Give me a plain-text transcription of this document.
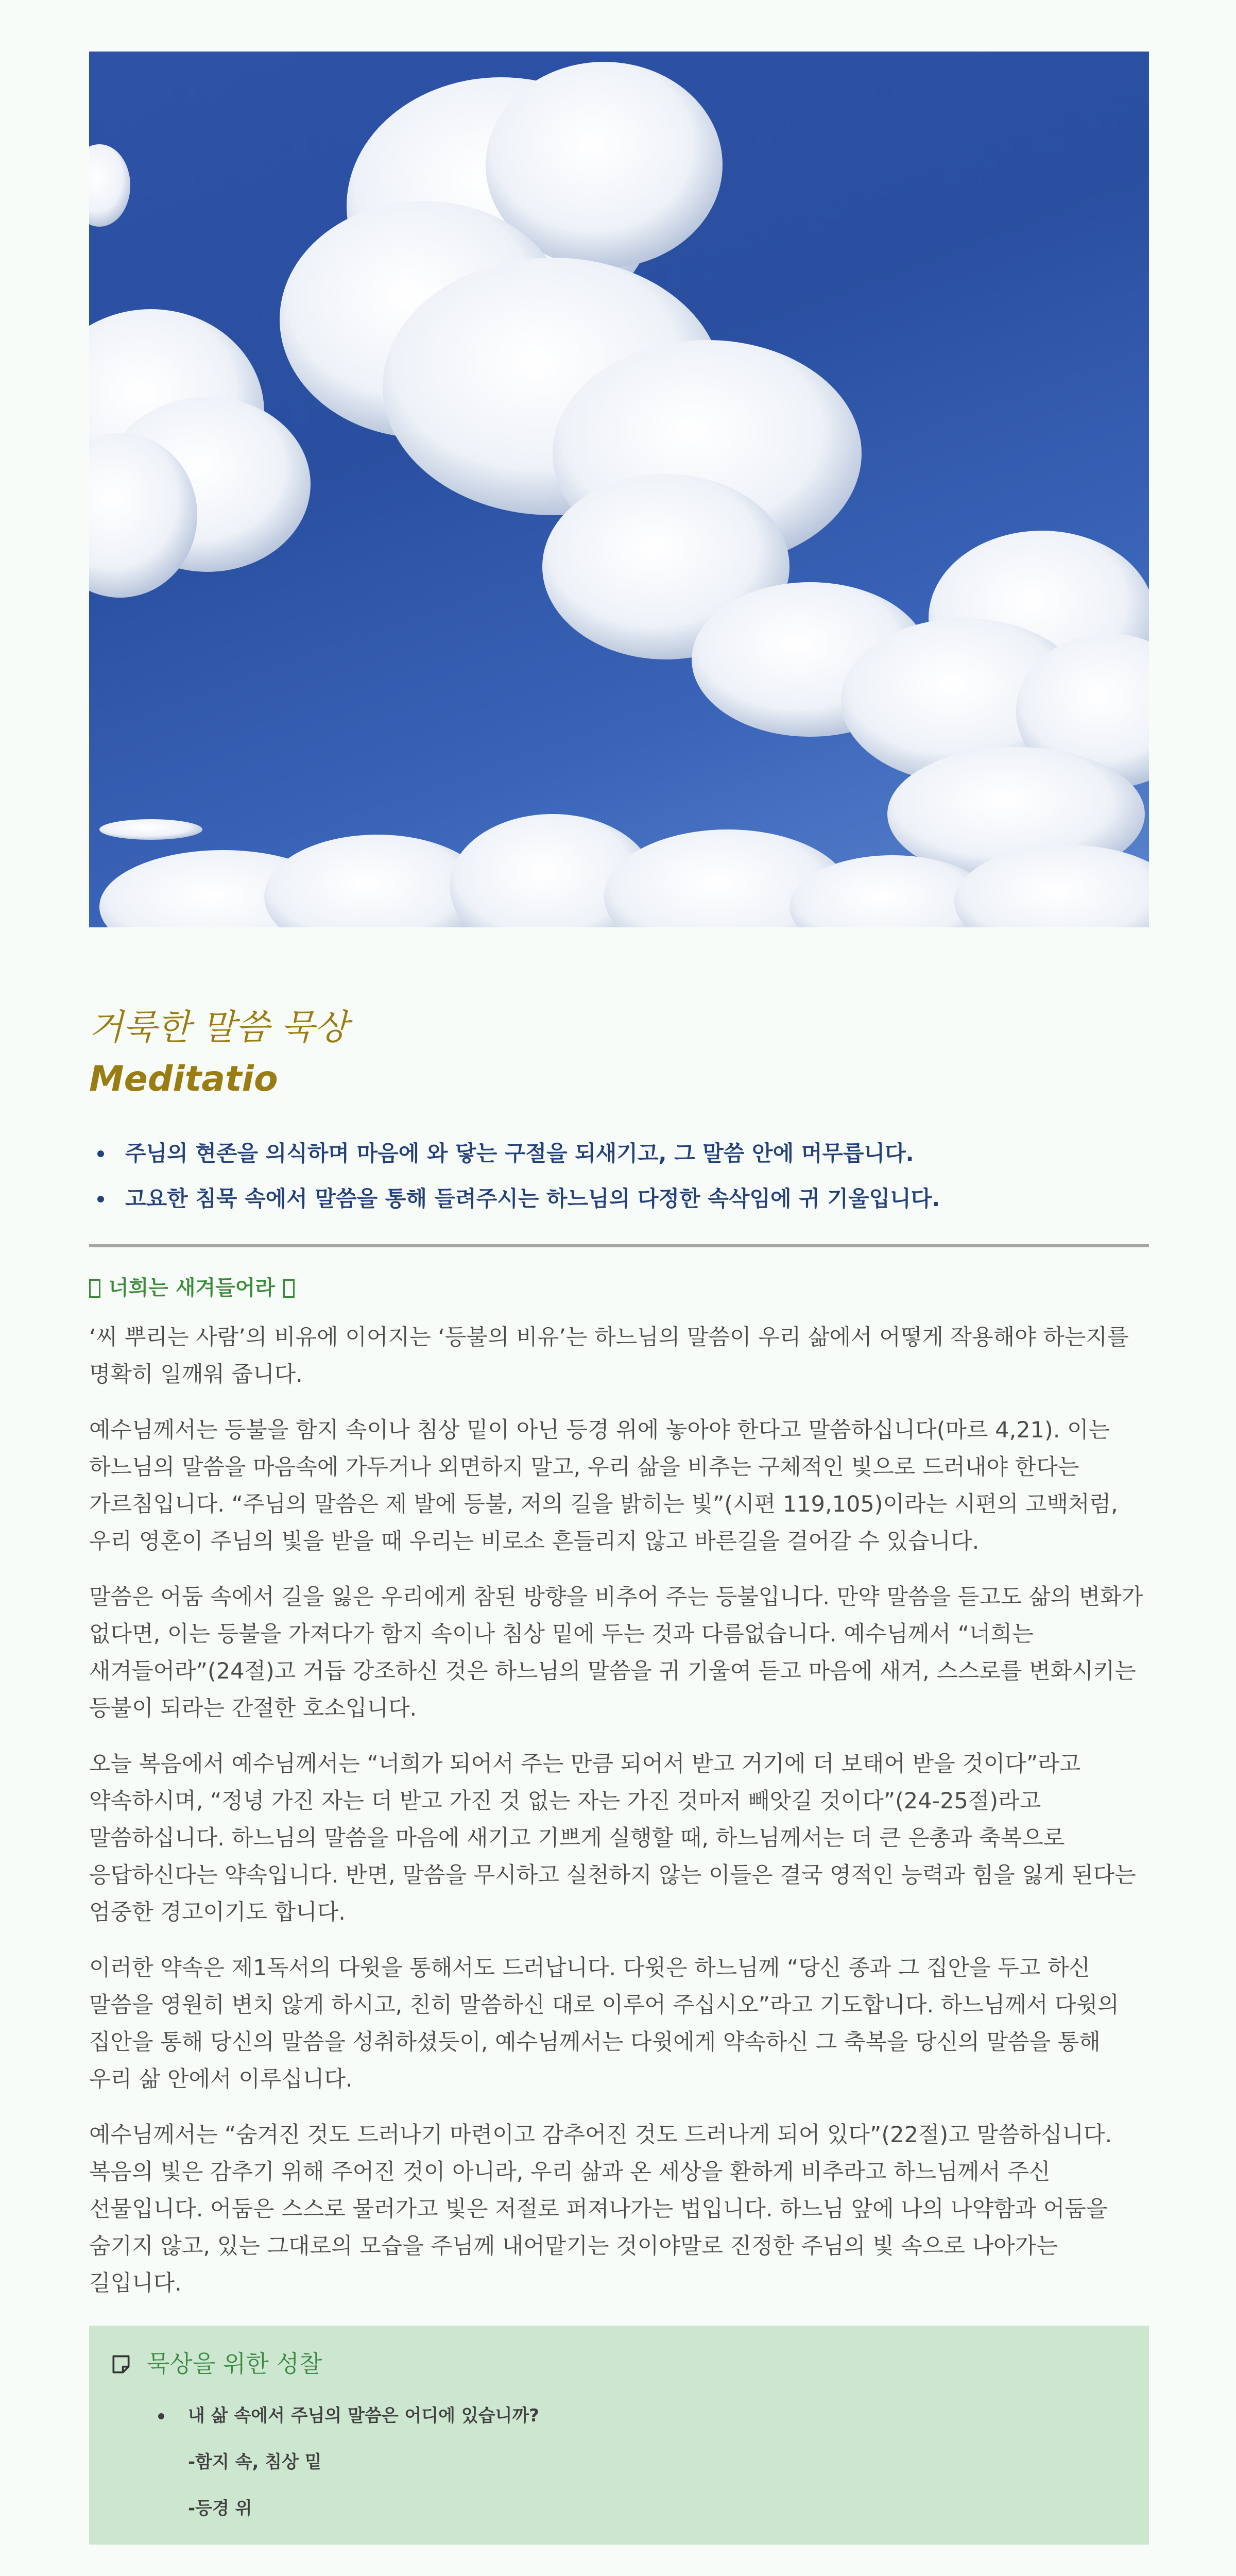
거룩한 말씀 묵상
Meditatio
주님의 현존을 의식하며 마음에 와 닿는 구절을 되새기고, 그 말씀 안에 머무릅니다.
고요한 침묵 속에서 말씀을 통해 들려주시는 하느님의 다정한 속삭임에 귀 기울입니다.
너희는 새겨들어라

‘씨 뿌리는 사람’의 비유에 이어지는 ‘등불의 비유’는 하느님의 말씀이 우리 삶에서 어떻게 작용해야 하는지를 명확히 일깨워 줍니다.

예수님께서는 등불을 함지 속이나 침상 밑이 아닌 등경 위에 놓아야 한다고 말씀하십니다(마르 4,21). 이는 하느님의 말씀을 마음속에 가두거나 외면하지 말고, 우리 삶을 비추는 구체적인 빛으로 드러내야 한다는 가르침입니다. “주님의 말씀은 제 발에 등불, 저의 길을 밝히는 빛”(시편 119,105)이라는 시편의 고백처럼, 우리 영혼이 주님의 빛을 받을 때 우리는 비로소 흔들리지 않고 바른길을 걸어갈 수 있습니다.

말씀은 어둠 속에서 길을 잃은 우리에게 참된 방향을 비추어 주는 등불입니다. 만약 말씀을 듣고도 삶의 변화가 없다면, 이는 등불을 가져다가 함지 속이나 침상 밑에 두는 것과 다름없습니다. 예수님께서 “너희는 새겨들어라”(24절)고 거듭 강조하신 것은 하느님의 말씀을 귀 기울여 듣고 마음에 새겨, 스스로를 변화시키는 등불이 되라는 간절한 호소입니다.

오늘 복음에서 예수님께서는 “너희가 되어서 주는 만큼 되어서 받고 거기에 더 보태어 받을 것이다”라고 약속하시며, “정녕 가진 자는 더 받고 가진 것 없는 자는 가진 것마저 빼앗길 것이다”(24-25절)라고 말씀하십니다. 하느님의 말씀을 마음에 새기고 기쁘게 실행할 때, 하느님께서는 더 큰 은총과 축복으로 응답하신다는 약속입니다. 반면, 말씀을 무시하고 실천하지 않는 이들은 결국 영적인 능력과 힘을 잃게 된다는 엄중한 경고이기도 합니다.

이러한 약속은 제1독서의 다윗을 통해서도 드러납니다. 다윗은 하느님께 “당신 종과 그 집안을 두고 하신 말씀을 영원히 변치 않게 하시고, 친히 말씀하신 대로 이루어 주십시오”라고 기도합니다. 하느님께서 다윗의 집안을 통해 당신의 말씀을 성취하셨듯이, 예수님께서는 다윗에게 약속하신 그 축복을 당신의 말씀을 통해 우리 삶 안에서 이루십니다.

예수님께서는 “숨겨진 것도 드러나기 마련이고 감추어진 것도 드러나게 되어 있다”(22절)고 말씀하십니다. 복음의 빛은 감추기 위해 주어진 것이 아니라, 우리 삶과 온 세상을 환하게 비추라고 하느님께서 주신 선물입니다. 어둠은 스스로 물러가고 빛은 저절로 퍼져나가는 법입니다. 하느님 앞에 나의 나약함과 어둠을 숨기지 않고, 있는 그대로의 모습을 주님께 내어맡기는 것이야말로 진정한 주님의 빛 속으로 나아가는 길입니다.

묵상을 위한 성찰
내 삶 속에서 주님의 말씀은 어디에 있습니까?
-함지 속, 침상 밑
-등경 위
